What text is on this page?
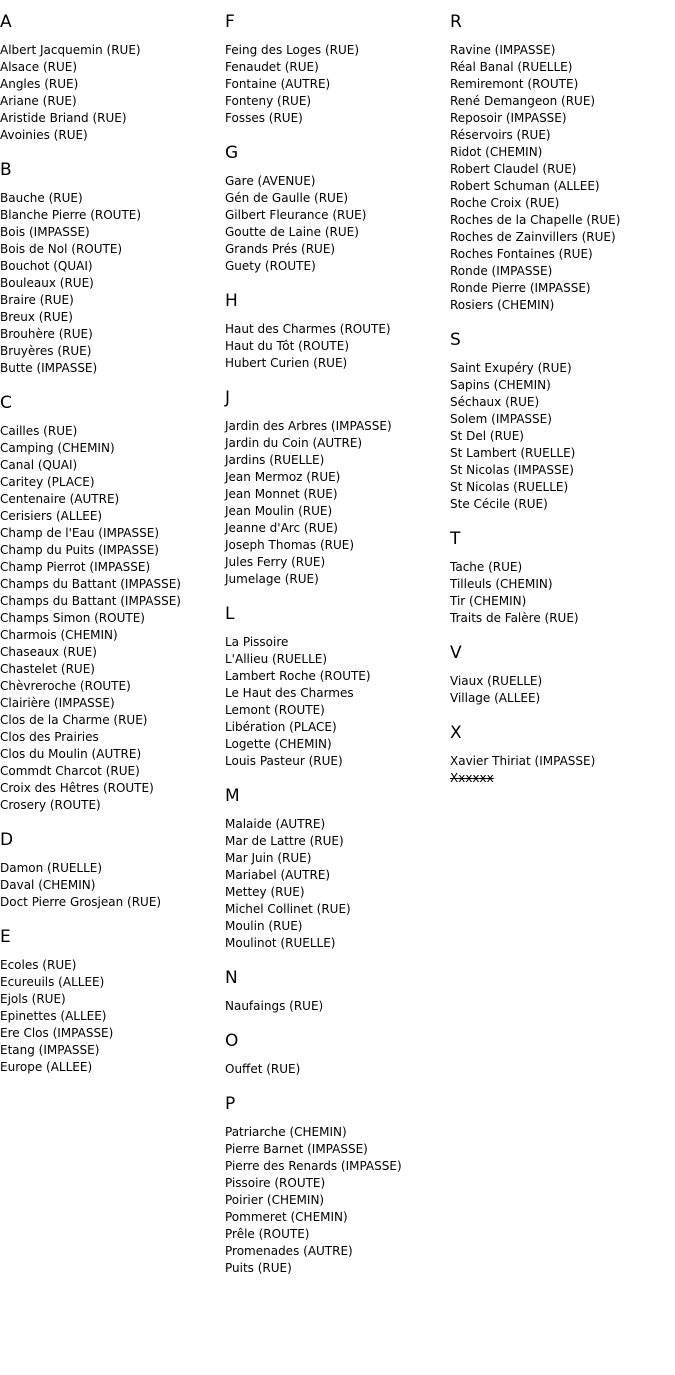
A
Albert Jacquemin (RUE)
Alsace (RUE)
Angles (RUE)
Ariane (RUE)
Aristide Briand (RUE)
Avoinies (RUE)
B
Bauche (RUE)
Blanche Pierre (ROUTE)
Bois (IMPASSE)
Bois de Nol (ROUTE)
Bouchot (QUAI)
Bouleaux (RUE)
Braire (RUE)
Breux (RUE)
Brouhère (RUE)
Bruyères (RUE)
Butte (IMPASSE)
C
Cailles (RUE)
Camping (CHEMIN)
Canal (QUAI)
Caritey (PLACE)
Centenaire (AUTRE)
Cerisiers (ALLEE)
Champ de l'Eau (IMPASSE)
Champ du Puits (IMPASSE)
Champ Pierrot (IMPASSE)
Champs du Battant (IMPASSE)
Champs du Battant (IMPASSE)
Champs Simon (ROUTE)
Charmois (CHEMIN)
Chaseaux (RUE)
Chastelet (RUE)
Chèvreroche (ROUTE)
Clairière (IMPASSE)
Clos de la Charme (RUE)
Clos des Prairies
Clos du Moulin (AUTRE)
Commdt Charcot (RUE)
Croix des Hêtres (ROUTE)
Crosery (ROUTE)
D
Damon (RUELLE)
Daval (CHEMIN)
Doct Pierre Grosjean (RUE)
E
Ecoles (RUE)
Ecureuils (ALLEE)
Ejols (RUE)
Epinettes (ALLEE)
Ere Clos (IMPASSE)
Etang (IMPASSE)
Europe (ALLEE)
F
Feing des Loges (RUE)
Fenaudet (RUE)
Fontaine (AUTRE)
Fonteny (RUE)
Fosses (RUE)
G
Gare (AVENUE)
Gén de Gaulle (RUE)
Gilbert Fleurance (RUE)
Goutte de Laine (RUE)
Grands Prés (RUE)
Guety (ROUTE)
H
Haut des Charmes (ROUTE)
Haut du Tôt (ROUTE)
Hubert Curien (RUE)
J
Jardin des Arbres (IMPASSE)
Jardin du Coin (AUTRE)
Jardins (RUELLE)
Jean Mermoz (RUE)
Jean Monnet (RUE)
Jean Moulin (RUE)
Jeanne d'Arc (RUE)
Joseph Thomas (RUE)
Jules Ferry (RUE)
Jumelage (RUE)
L
La Pissoire
L'Allieu (RUELLE)
Lambert Roche (ROUTE)
Le Haut des Charmes
Lemont (ROUTE)
Libération (PLACE)
Logette (CHEMIN)
Louis Pasteur (RUE)
M
Malaide (AUTRE)
Mar de Lattre (RUE)
Mar Juin (RUE)
Mariabel (AUTRE)
Mettey (RUE)
Michel Collinet (RUE)
Moulin (RUE)
Moulinot (RUELLE)
N
Naufaings (RUE)
O
Ouffet (RUE)
P
Patriarche (CHEMIN)
Pierre Barnet (IMPASSE)
Pierre des Renards (IMPASSE)
Pissoire (ROUTE)
Poirier (CHEMIN)
Pommeret (CHEMIN)
Prêle (ROUTE)
Promenades (AUTRE)
Puits (RUE)
R
Ravine (IMPASSE)
Réal Banal (RUELLE)
Remiremont (ROUTE)
René Demangeon (RUE)
Reposoir (IMPASSE)
Réservoirs (RUE)
Ridot (CHEMIN)
Robert Claudel (RUE)
Robert Schuman (ALLEE)
Roche Croix (RUE)
Roches de la Chapelle (RUE)
Roches de Zainvillers (RUE)
Roches Fontaines (RUE)
Ronde (IMPASSE)
Ronde Pierre (IMPASSE)
Rosiers (CHEMIN)
S
Saint Exupéry (RUE)
Sapins (CHEMIN)
Séchaux (RUE)
Solem (IMPASSE)
St Del (RUE)
St Lambert (RUELLE)
St Nicolas (IMPASSE)
St Nicolas (RUELLE)
Ste Cécile (RUE)
T
Tache (RUE)
Tilleuls (CHEMIN)
Tir (CHEMIN)
Traits de Falère (RUE)
V
Viaux (RUELLE)
Village (ALLEE)
X
Xavier Thiriat (IMPASSE)
Xxxxxx
